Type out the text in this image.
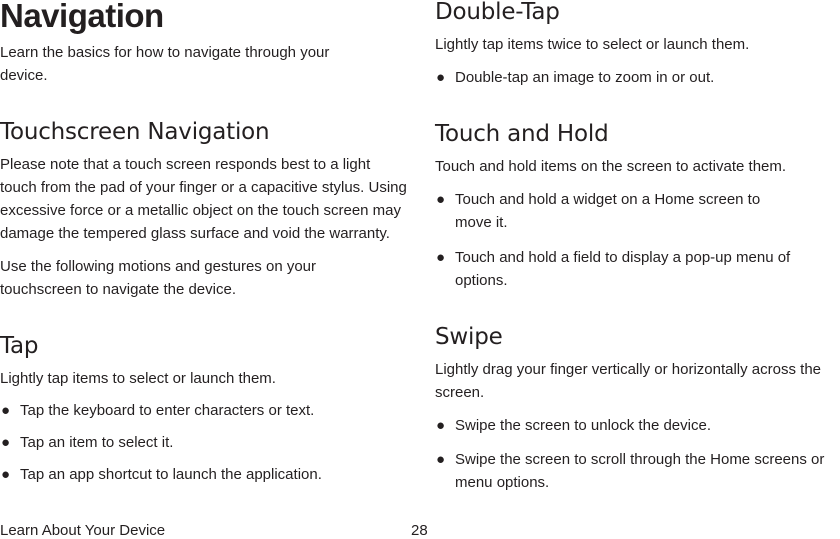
Navigation

Learn the basics for how to navigate through your device.

Touchscreen Navigation

Please note that a touch screen responds best to a light touch from the pad of your finger or a capacitive stylus. Using excessive force or a metallic object on the touch screen may damage the tempered glass surface and void the warranty.

Use the following motions and gestures on your touchscreen to navigate the device.

Tap

Lightly tap items to select or launch them.

● Tap the keyboard to enter characters or text.
● Tap an item to select it.
● Tap an app shortcut to launch the application.
Double-Tap

Lightly tap items twice to select or launch them.

● Double-tap an image to zoom in or out.
Touch and Hold

Touch and hold items on the screen to activate them.

● Touch and hold a widget on a Home screen to move it.
● Touch and hold a field to display a pop-up menu of options.
Swipe

Lightly drag your finger vertically or horizontally across the screen.

● Swipe the screen to unlock the device.
● Swipe the screen to scroll through the Home screens or menu options.
Learn About Your Device	28
